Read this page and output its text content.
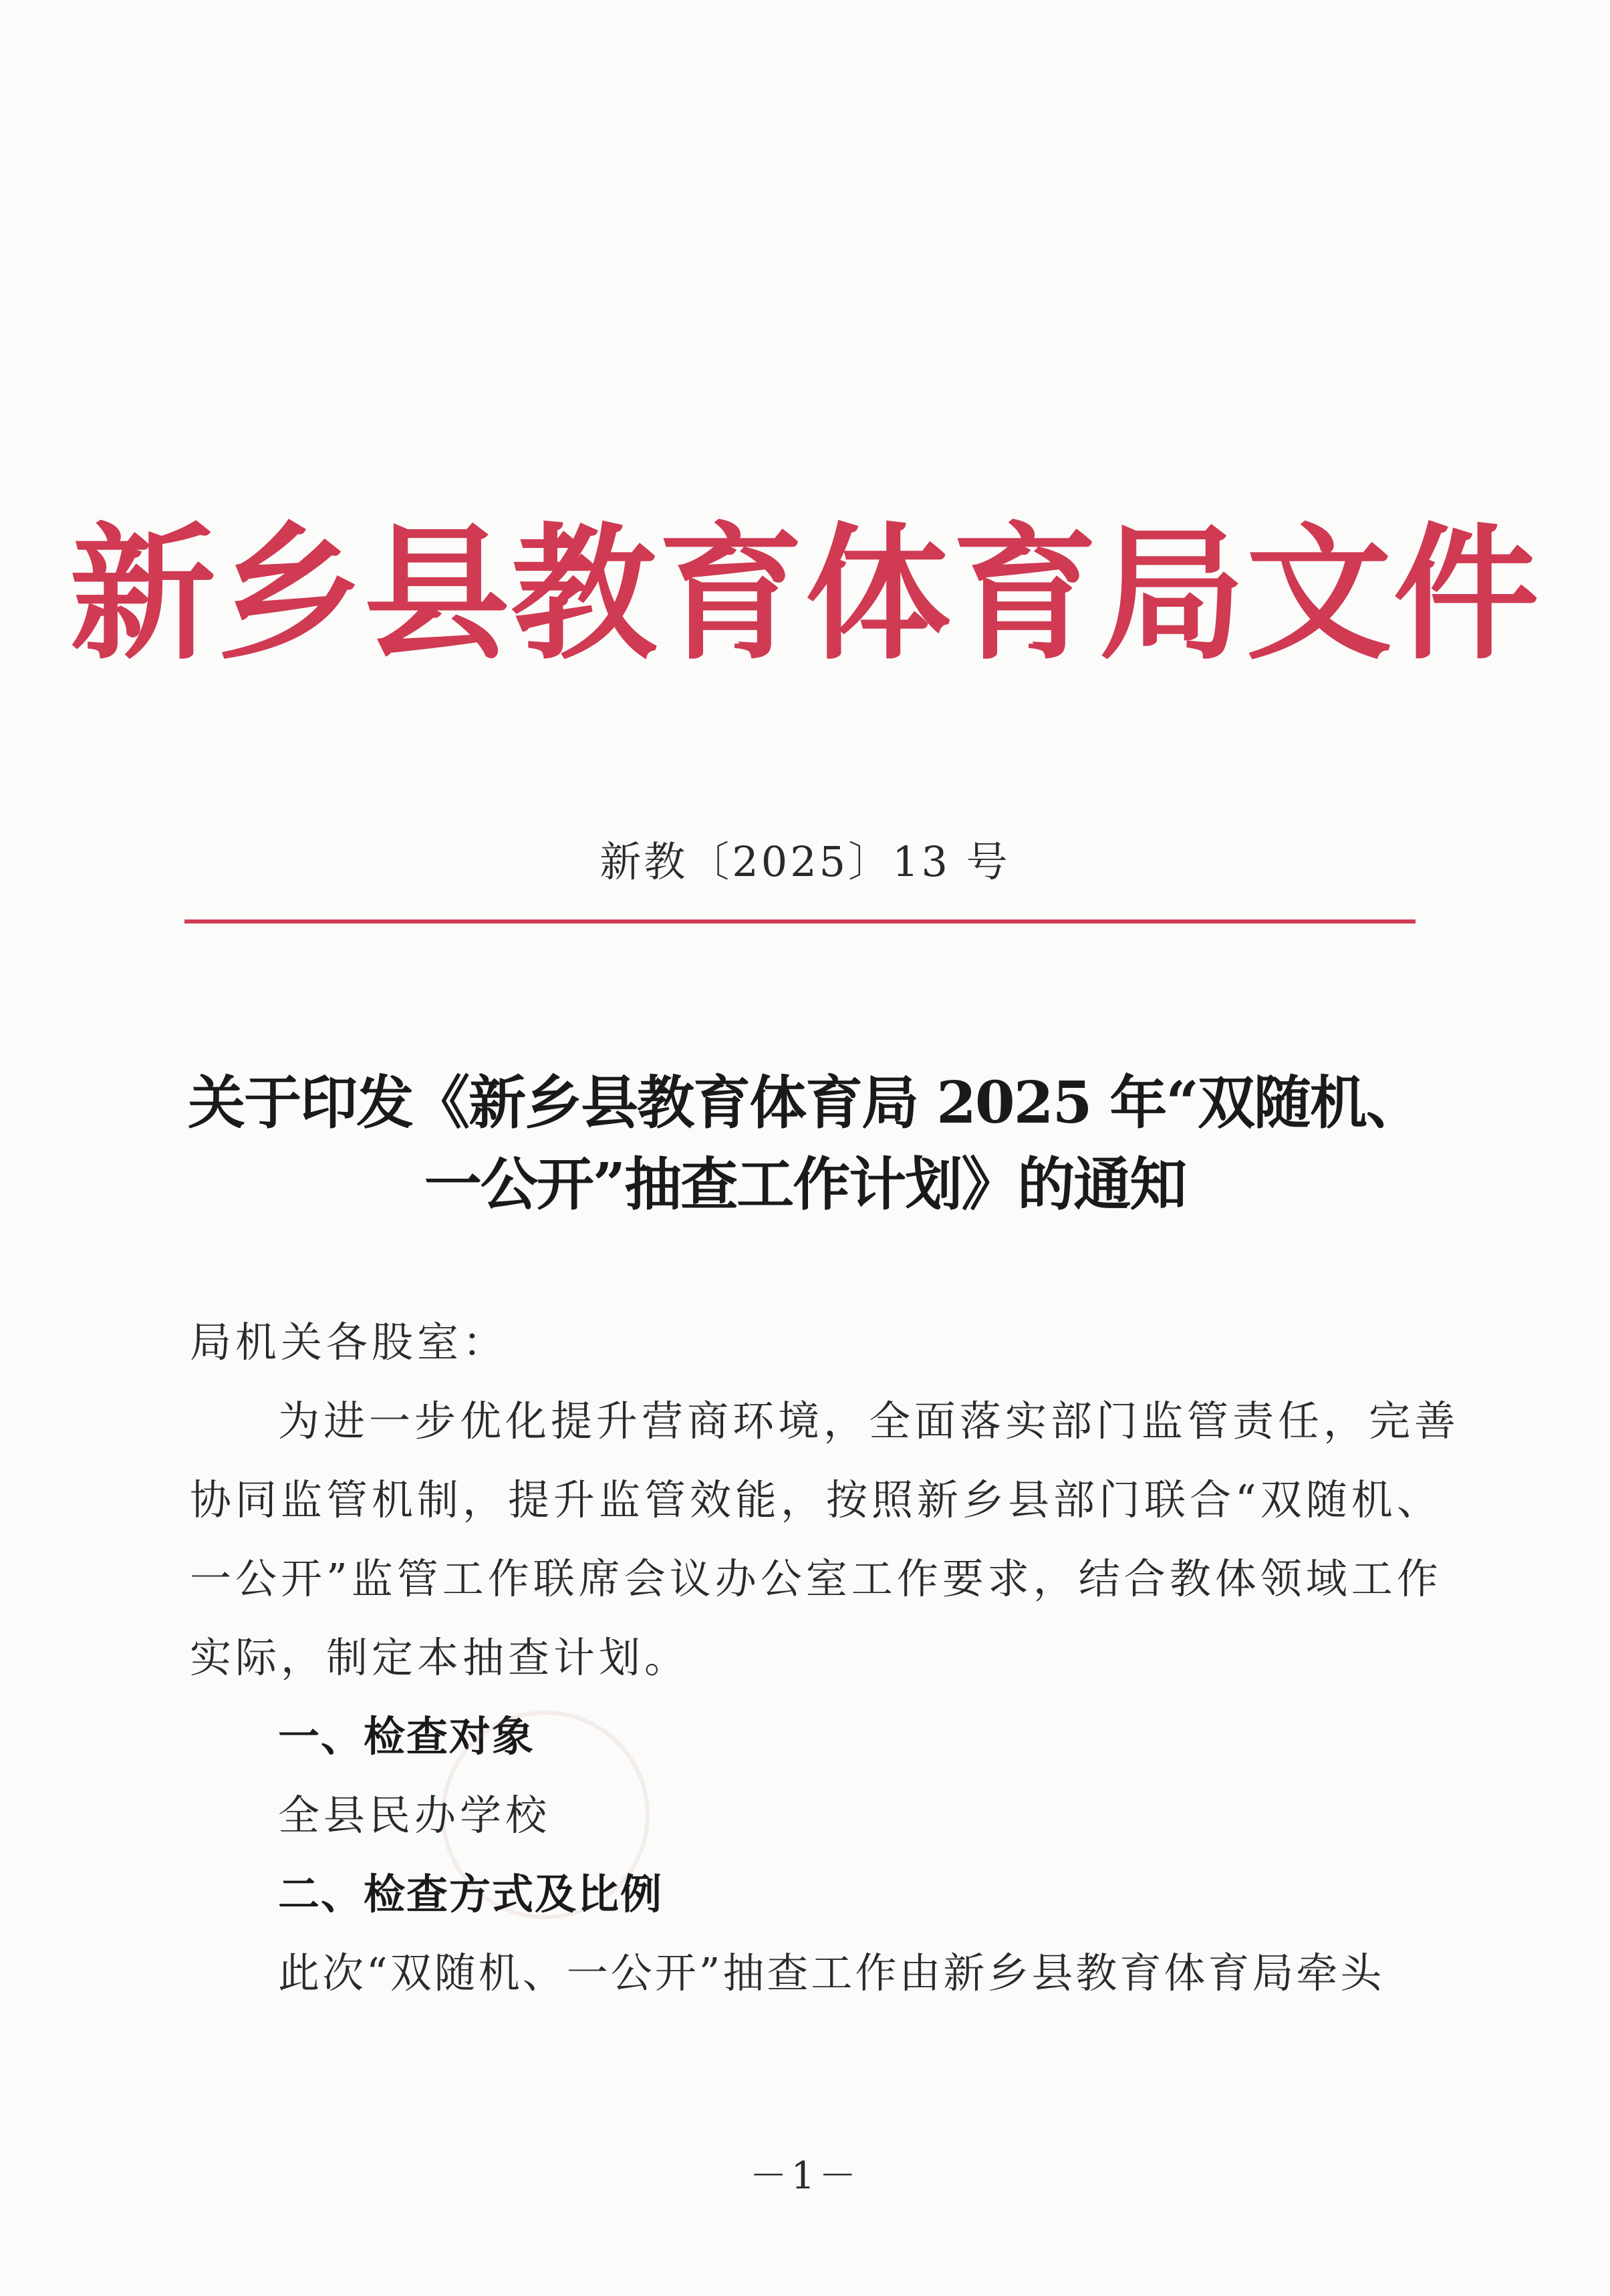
新乡县教育体育局文件
新教〔2025〕13 号
关于印发《新乡县教育体育局 2025 年“双随机、
一公开”抽查工作计划》的通知
局机关各股室：
为进一步优化提升营商环境，全面落实部门监管责任，完善
协同监管机制，提升监管效能，按照新乡县部门联合“双随机、
一公开”监管工作联席会议办公室工作要求，结合教体领域工作
实际，制定本抽查计划。
一、检查对象
全县民办学校
二、检查方式及比例
此次“双随机、一公开”抽查工作由新乡县教育体育局牵头
－1－
